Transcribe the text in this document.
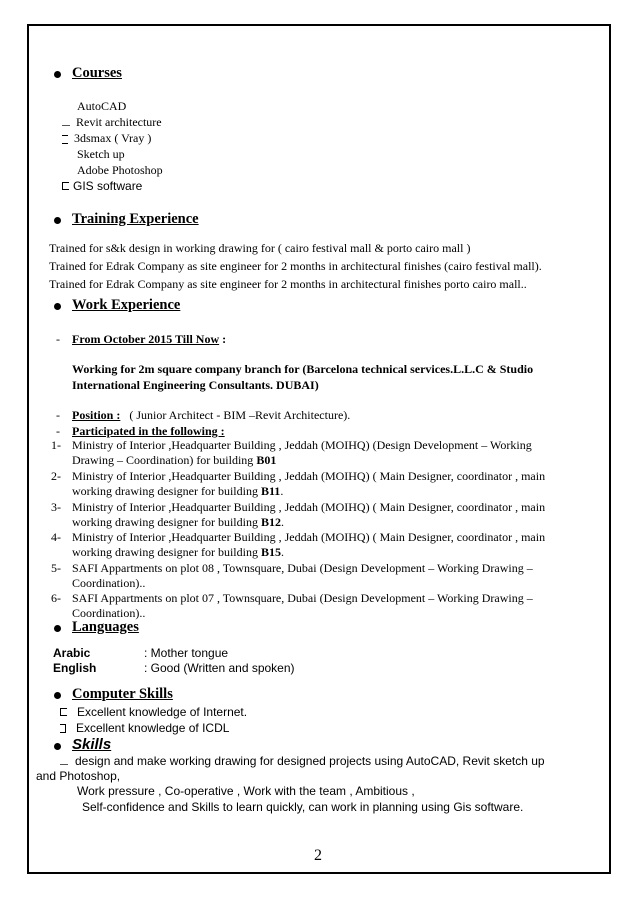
Courses
AutoCAD
Revit architecture
3dsmax ( Vray )
Sketch up
Adobe Photoshop
GIS software
Training Experience
Trained for s&k design in working drawing for ( cairo festival mall & porto cairo mall )
Trained for Edrak Company as site engineer for 2 months in architectural finishes (cairo festival mall).
Trained for Edrak Company as site engineer for 2 months in architectural finishes porto cairo mall..
Work Experience
- From October 2015 Till Now :
Working for 2m square company branch for (Barcelona technical services.L.L.C & Studio
International Engineering Consultants. DUBAI)
- Position : ( Junior Architect - BIM –Revit Architecture).
- Participated in the following :
1- Ministry of Interior ,Headquarter Building , Jeddah (MOIHQ) (Design Development – Working
Drawing – Coordination) for building B01
2- Ministry of Interior ,Headquarter Building , Jeddah (MOIHQ) ( Main Designer, coordinator , main
working drawing designer for building B11.
3- Ministry of Interior ,Headquarter Building , Jeddah (MOIHQ) ( Main Designer, coordinator , main
working drawing designer for building B12.
4- Ministry of Interior ,Headquarter Building , Jeddah (MOIHQ) ( Main Designer, coordinator , main
working drawing designer for building B15.
5- SAFI Appartments on plot 08 , Townsquare, Dubai (Design Development – Working Drawing –
Coordination)..
6- SAFI Appartments on plot 07 , Townsquare, Dubai (Design Development – Working Drawing –
Coordination)..
Languages
Arabic	: Mother tongue
English	: Good (Written and spoken)
Computer Skills
Excellent knowledge of Internet.
Excellent knowledge of ICDL
Skills
design and make working drawing for designed projects using AutoCAD, Revit sketch up
and Photoshop,
Work pressure , Co-operative , Work with the team , Ambitious ,
Self-confidence and Skills to learn quickly, can work in planning using Gis software.
2
